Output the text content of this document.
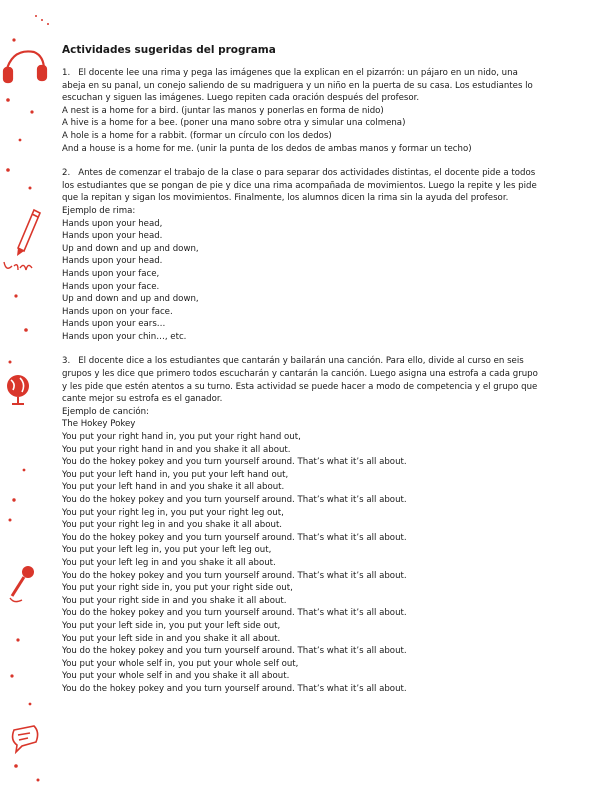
Actividades sugeridas del programa

1. El docente lee una rima y pega las imágenes que la explican en el pizarrón: un pájaro en un nido, una abeja en su panal, un conejo saliendo de su madriguera y un niño en la puerta de su casa. Los estudiantes lo escuchan y siguen las imágenes. Luego repiten cada oración después del profesor.

A nest is a home for a bird. (juntar las manos y ponerlas en forma de nido)
A hive is a home for a bee. (poner una mano sobre otra y simular una colmena)
A hole is a home for a rabbit. (formar un círculo con los dedos)
And a house is a home for me. (unir la punta de los dedos de ambas manos y formar un techo)

2. Antes de comenzar el trabajo de la clase o para separar dos actividades distintas, el docente pide a todos los estudiantes que se pongan de pie y dice una rima acompañada de movimientos. Luego la repite y les pide que la repitan y sigan los movimientos. Finalmente, los alumnos dicen la rima sin la ayuda del profesor.

Ejemplo de rima:
Hands upon your head,
Hands upon your head.
Up and down and up and down,
Hands upon your head.
Hands upon your face,
Hands upon your face.
Up and down and up and down,
Hands upon on your face.
Hands upon your ears…
Hands upon your chin…, etc.

3. El docente dice a los estudiantes que cantarán y bailarán una canción. Para ello, divide al curso en seis grupos y les dice que primero todos escucharán y cantarán la canción. Luego asigna una estrofa a cada grupo y les pide que estén atentos a su turno. Esta actividad se puede hacer a modo de competencia y el grupo que cante mejor su estrofa es el ganador.

Ejemplo de canción:
The Hokey Pokey
You put your right hand in, you put your right hand out,
You put your right hand in and you shake it all about.
You do the hokey pokey and you turn yourself around. That’s what it’s all about.
You put your left hand in, you put your left hand out,
You put your left hand in and you shake it all about.
You do the hokey pokey and you turn yourself around. That’s what it’s all about.
You put your right leg in, you put your right leg out,
You put your right leg in and you shake it all about.
You do the hokey pokey and you turn yourself around. That’s what it’s all about.
You put your left leg in, you put your left leg out,
You put your left leg in and you shake it all about.
You do the hokey pokey and you turn yourself around. That’s what it’s all about.
You put your right side in, you put your right side out,
You put your right side in and you shake it all about.
You do the hokey pokey and you turn yourself around. That’s what it’s all about.
You put your left side in, you put your left side out,
You put your left side in and you shake it all about.
You do the hokey pokey and you turn yourself around. That’s what it’s all about.
You put your whole self in, you put your whole self out,
You put your whole self in and you shake it all about.
You do the hokey pokey and you turn yourself around. That’s what it’s all about.
